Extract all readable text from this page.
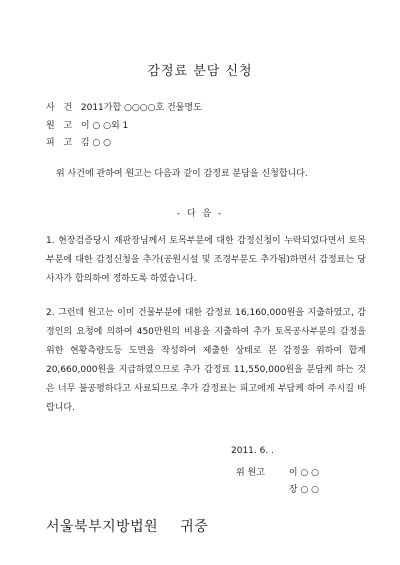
감정료 분담 신청
사 건 2011가합 ○○○○호 건물명도
원 고 이 ○ ○외 1
피 고 김 ○ ○
위 사건에 관하여 원고는 다음과 같이 감정료 분담을 신청합니다.
- 다 음 -
1. 현장검증당시 재판장님께서 토목부분에 대한 감정신청이 누락되었다면서 토목부분에 대한 감정신청을 추가(공원시설 및 조경부분도 추가됨)하면서 감정료는 당사자가 합의하여 정하도록 하였습니다.
2. 그런데 원고는 이미 건물부분에 대한 감정료 16,160,000원을 지출하였고, 감정인의 요청에 의하여 450만원의 비용을 지출하여 추가 토목공사부분의 감정을 위한 현황측량도등 도면을 작성하여 제출한 상태로 본 감정을 위하여 합계 20,660,000원을 지급하였으므로 추가 감정료 11,550,000원을 분담케 하는 것은 너무 불공평하다고 사료되므로 추가 감정료는 피고에게 부담케 하여 주시길 바랍니다.
2011. 6. .
위 원고	이 ○ ○
장 ○ ○
서울북부지방법원 귀중
